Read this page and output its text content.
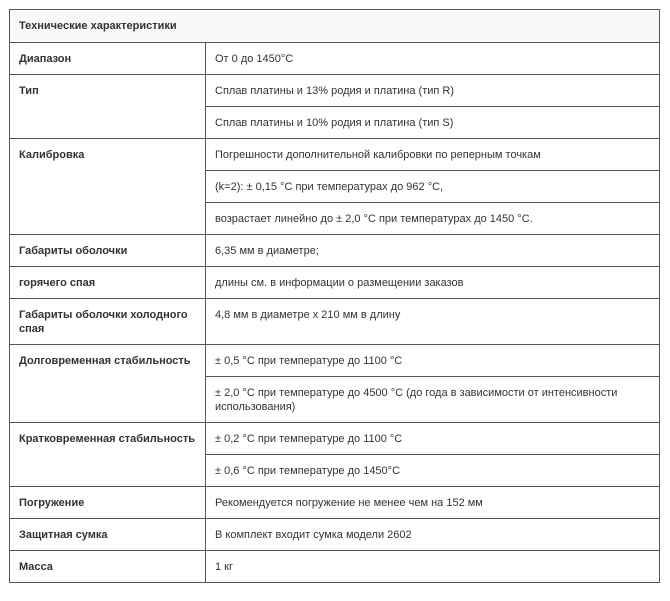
Технические характеристики	
Диапазон	От 0 до 1450°C
Тип	Сплав платины и 13% родия и платина (тип R)
	Сплав платины и 10% родия и платина (тип S)
Калибровка	Погрешности дополнительной калибровки по реперным точкам
	(k=2): ± 0,15 °C при температурах до 962 °C,
	возрастает линейно до ± 2,0 °C при температурах до 1450 °C.
Габариты оболочки	6,35 мм в диаметре;
горячего спая	длины см. в информации о размещении заказов
Габариты оболочки холодного спая	4,8 мм в диаметре х 210 мм в длину
Долговременная стабильность	± 0,5 °C при температуре до 1100 °C
	± 2,0 °C при температуре до 4500 °C (до года в зависимости от интенсивности использования)
Кратковременная стабильность	± 0,2 °C при температуре до 1100 °C
	± 0,6 °C при температуре до 1450°C
Погружение	Рекомендуется погружение не менее чем на 152 мм
Защитная сумка	В комплект входит сумка модели 2602
Масса	1 кг
